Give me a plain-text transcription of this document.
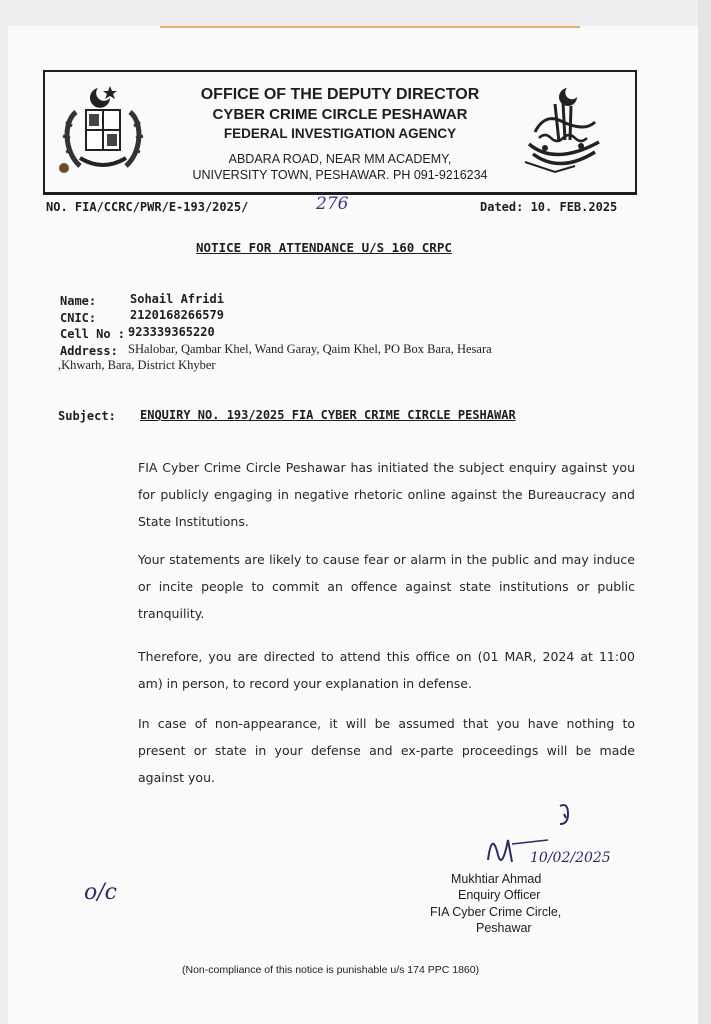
OFFICE OF THE DEPUTY DIRECTOR
CYBER CRIME CIRCLE PESHAWAR
FEDERAL INVESTIGATION AGENCY
ABDARA ROAD, NEAR MM ACADEMY,
UNIVERSITY TOWN, PESHAWAR. PH 091-9216234
NO. FIA/CCRC/PWR/E-193/2025/	276	Dated: 10. FEB.2025
NOTICE FOR ATTENDANCE U/S 160 CRPC
Name:	Sohail Afridi
CNIC:	2120168266579
Cell No : 923339365220
Address: SHalobar, Qambar Khel, Wand Garay, Qaim Khel, PO Box Bara, Hesara
,Khwarh, Bara, District Khyber
Subject: ENQUIRY NO. 193/2025 FIA CYBER CRIME CIRCLE PESHAWAR
FIA Cyber Crime Circle Peshawar has initiated the subject enquiry against you for publicly engaging in negative rhetoric online against the Bureaucracy and State Institutions.
Your statements are likely to cause fear or alarm in the public and may induce or incite people to commit an offence against state institutions or public tranquility.
Therefore, you are directed to attend this office on (01 MAR, 2024 at 11:00 am) in person, to record your explanation in defense.
In case of non-appearance, it will be assumed that you have nothing to present or state in your defense and ex-parte proceedings will be made against you.
10/02/2025
Mukhtiar Ahmad
Enquiry Officer
FIA Cyber Crime Circle,
Peshawar
o/c
(Non-compliance of this notice is punishable u/s 174 PPC 1860)
